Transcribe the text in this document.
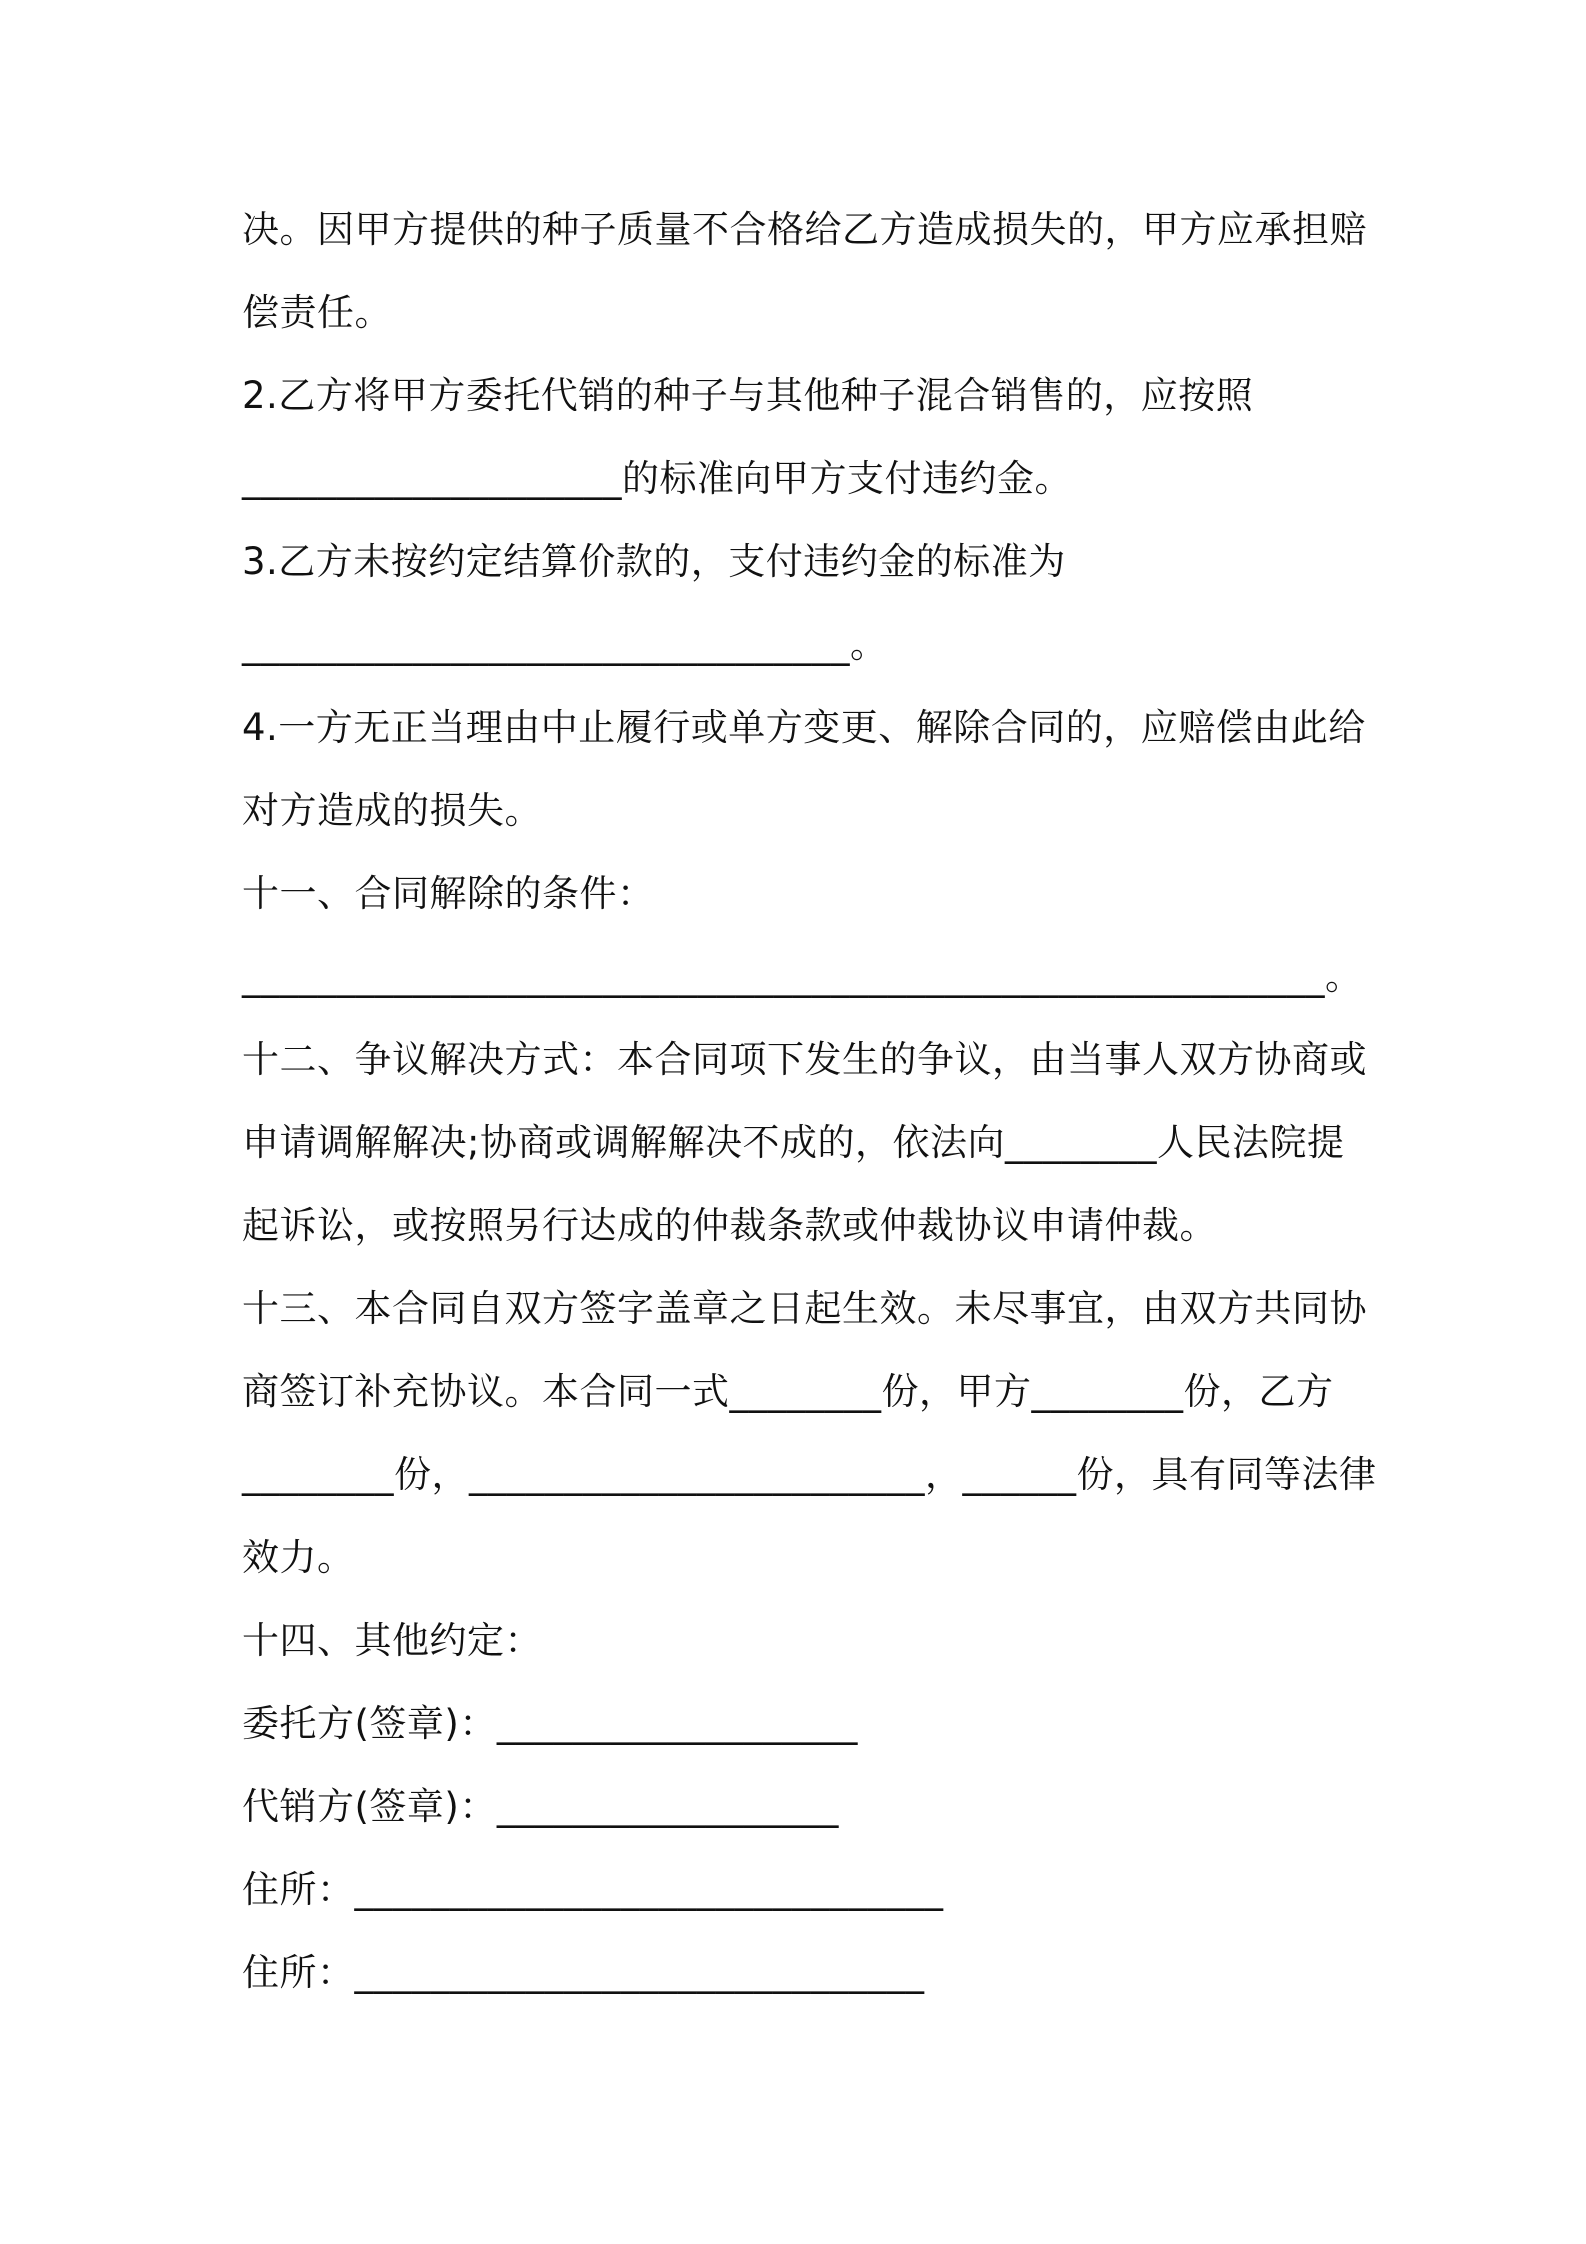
决。因甲方提供的种子质量不合格给乙方造成损失的，甲方应承担赔
偿责任。
2.乙方将甲方委托代销的种子与其他种子混合销售的，应按照
____________________的标准向甲方支付违约金。
3.乙方未按约定结算价款的，支付违约金的标准为
________________________________。
4.一方无正当理由中止履行或单方变更、解除合同的，应赔偿由此给
对方造成的损失。
十一、合同解除的条件：
_________________________________________________________。
十二、争议解决方式：本合同项下发生的争议，由当事人双方协商或
申请调解解决;协商或调解解决不成的，依法向________人民法院提
起诉讼，或按照另行达成的仲裁条款或仲裁协议申请仲裁。
十三、本合同自双方签字盖章之日起生效。未尽事宜，由双方共同协
商签订补充协议。本合同一式________份，甲方________份，乙方
________份，________________________，______份，具有同等法律
效力。
十四、其他约定：
委托方(签章)：___________________
代销方(签章)：__________________
住所：_______________________________
住所：______________________________
